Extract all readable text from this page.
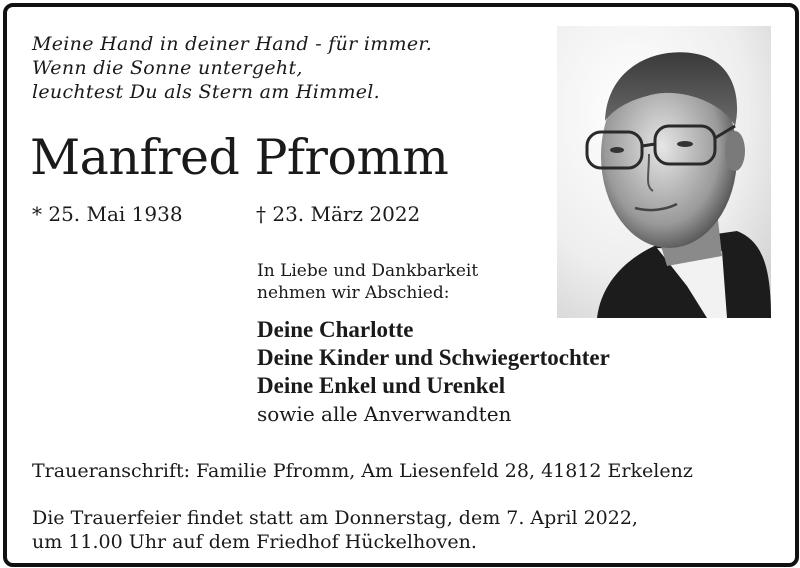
Meine Hand in deiner Hand - für immer.
Wenn die Sonne untergeht,
leuchtest Du als Stern am Himmel.
Manfred Pfromm
* 25. Mai 1938	† 23. März 2022
In Liebe und Dankbarkeit
nehmen wir Abschied:
Deine Charlotte
Deine Kinder und Schwiegertochter
Deine Enkel und Urenkel
sowie alle Anverwandten
Traueranschrift: Familie Pfromm, Am Liesenfeld 28, 41812 Erkelenz
Die Trauerfeier findet statt am Donnerstag, dem 7. April 2022,
um 11.00 Uhr auf dem Friedhof Hückelhoven.
